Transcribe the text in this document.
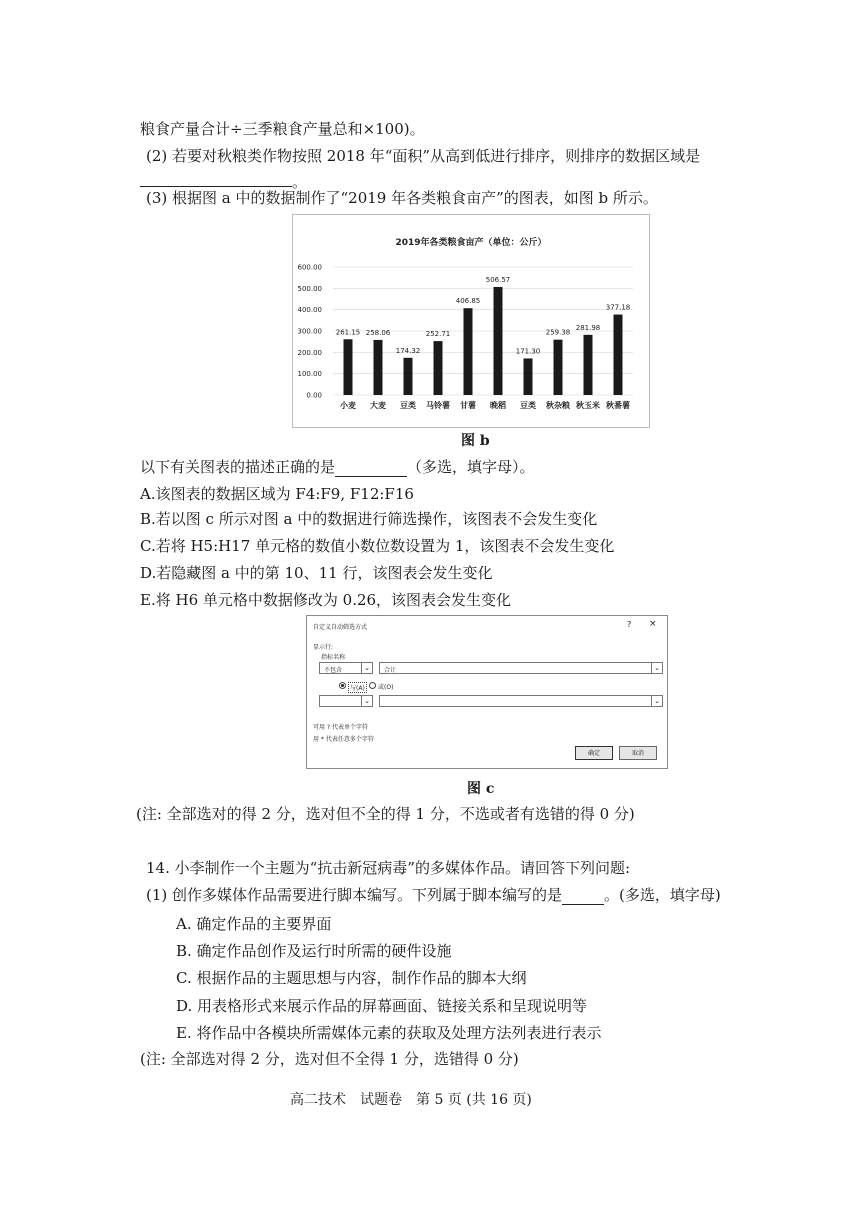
粮食产量合计÷三季粮食产量总和×100)。
(2) 若要对秋粮类作物按照 2018 年“面积”从高到低进行排序，则排序的数据区域是
。
(3) 根据图 a 中的数据制作了“2019 年各类粮食亩产”的图表，如图 b 所示。
2019年各类粮食亩产（单位：公斤）
0.00
100.00
200.00
300.00
400.00
500.00
600.00
261.15
小麦
258.06
大麦
174.32
豆类
252.71
马铃薯
406.85
甘薯
506.57
晚稻
171.30
豆类
259.38
秋杂粮
281.98
秋玉米
377.18
秋番薯
图 b
以下有关图表的描述正确的是	（多选，填字母）。
A.该图表的数据区域为 F4:F9, F12:F16
B.若以图 c 所示对图 a 中的数据进行筛选操作，该图表不会发生变化
C.若将 H5:H17 单元格的数值小数位数设置为 1，该图表不会发生变化
D.若隐藏图 a 中的第 10、11 行，该图表会发生变化
E.将 H6 单元格中数据修改为 0.26，该图表会发生变化
自定义自动筛选方式	? ×
显示行:
指标名称
不包含	⌄	合计	⌄
与(A)	或(O)
⌄	⌄
可用 ? 代表单个字符
用 * 代表任意多个字符
确定	取消
图 c
(注: 全部选对的得 2 分，选对但不全的得 1 分，不选或者有选错的得 0 分)
14. 小李制作一个主题为“抗击新冠病毒”的多媒体作品。请回答下列问题:
(1) 创作多媒体作品需要进行脚本编写。下列属于脚本编写的是	。(多选，填字母)
A. 确定作品的主要界面
B. 确定作品创作及运行时所需的硬件设施
C. 根据作品的主题思想与内容，制作作品的脚本大纲
D. 用表格形式来展示作品的屏幕画面、链接关系和呈现说明等
E. 将作品中各模块所需媒体元素的获取及处理方法列表进行表示
(注: 全部选对得 2 分，选对但不全得 1 分，选错得 0 分)
高二技术　试题卷　第 5 页 (共 16 页)
